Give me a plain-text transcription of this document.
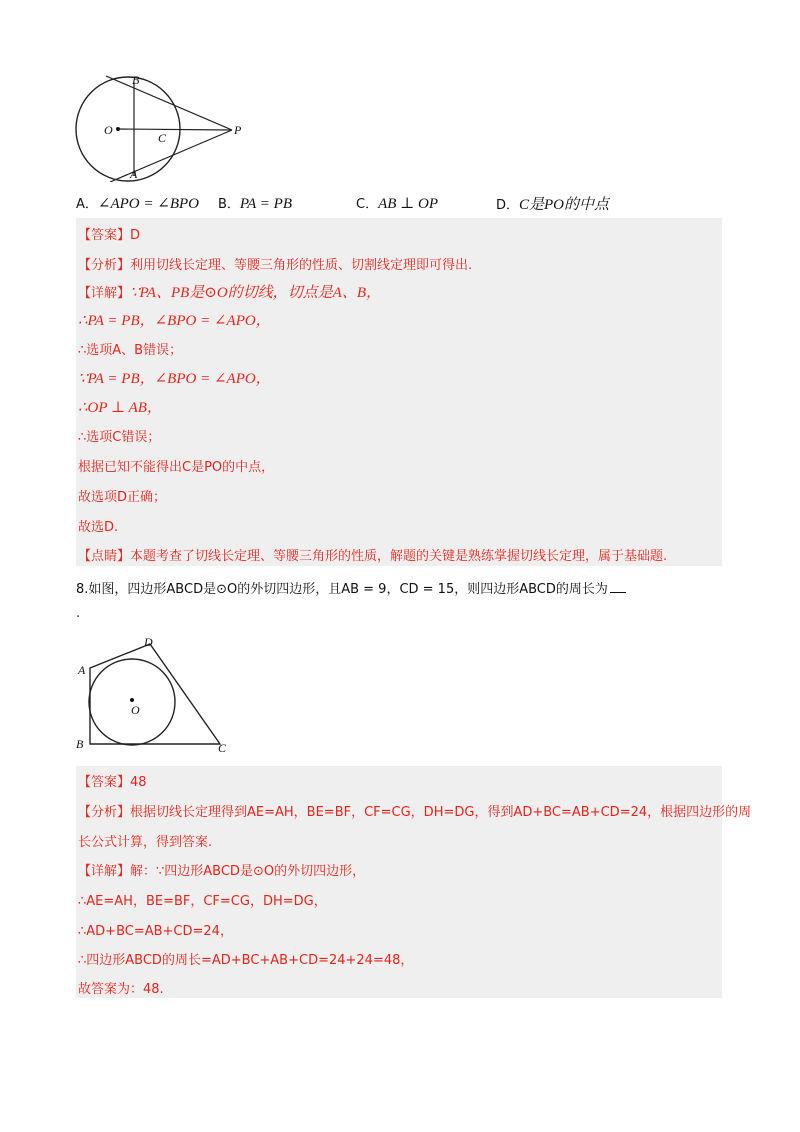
B
O
C
P
A
A．∠APO = ∠BPO B．PA = PB	C．AB ⊥ OP	D．C是PO的中点
【答案】D
【分析】利用切线长定理、等腰三角形的性质、切割线定理即可得出.
【详解】∵PA、PB是⊙O的切线，切点是A、B，
∴PA = PB，∠BPO = ∠APO，
∴选项A、B错误；
∵PA = PB，∠BPO = ∠APO，
∴OP ⊥ AB，
∴选项C错误；
根据已知不能得出C是PO的中点，
故选项D正确；
故选D.
【点睛】本题考查了切线长定理、等腰三角形的性质，解题的关键是熟练掌握切线长定理，属于基础题.
8.如图，四边形ABCD是⊙O的外切四边形，且AB = 9，CD = 15，则四边形ABCD的周长为
.
A
D
O
B	C
【答案】48
【分析】根据切线长定理得到AE=AH，BE=BF，CF=CG，DH=DG，得到AD+BC=AB+CD=24，根据四边形的周
长公式计算，得到答案.
【详解】解：∵四边形ABCD是⊙O的外切四边形，
∴AE=AH，BE=BF，CF=CG，DH=DG，
∴AD+BC=AB+CD=24，
∴四边形ABCD的周长=AD+BC+AB+CD=24+24=48，
故答案为：48.
